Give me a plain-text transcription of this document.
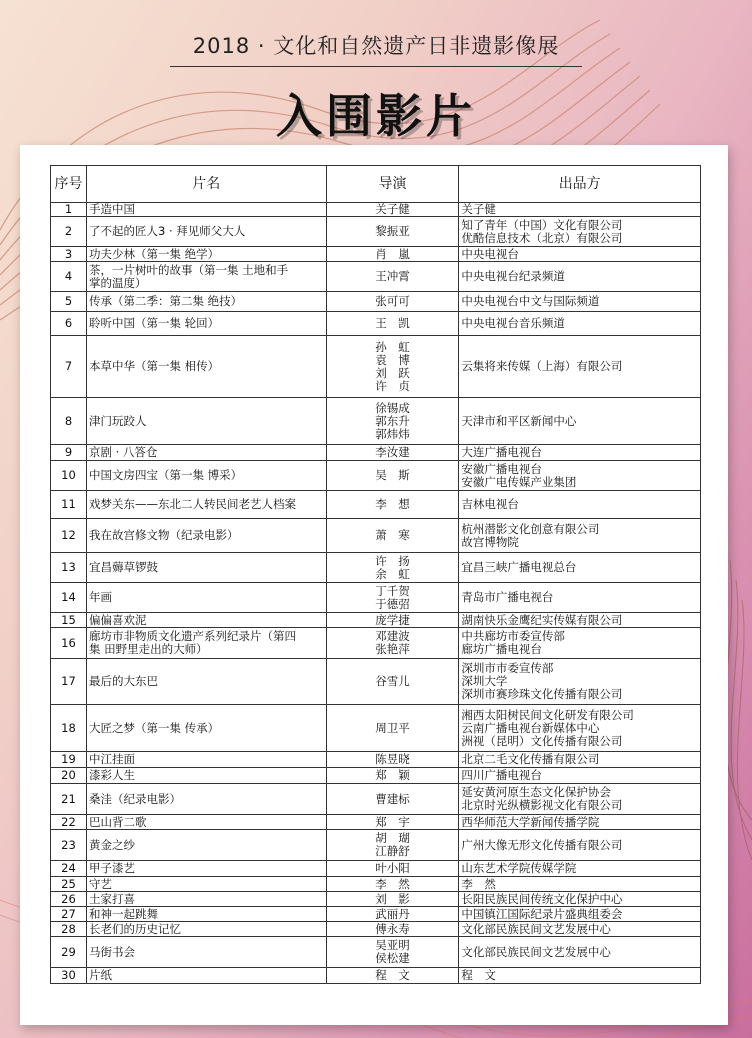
2018 · 文化和自然遗产日非遗影像展
入围影片
序号	片名	导演	出品方
1	手造中国	关子健	关子健
2	了不起的匠人3 · 拜见师父大人	黎振亚	知了青年（中国）文化有限公司
优酷信息技术（北京）有限公司
3	功夫少林（第一集 绝学）	肖　嵐	中央电视台
4	茶，一片树叶的故事（第一集 土地和手
掌的温度）	王冲霄	中央电视台纪录频道
5	传承（第二季：第二集 绝技）	张可可	中央电视台中文与国际频道
6	聆听中国（第一集 轮回）	王　凯	中央电视台音乐频道
7	本草中华（第一集 相传）	孙　虹
袁　博
刘　跃
许　贞	云集将来传媒（上海）有限公司
8	津门玩跤人	徐锡成
郭东升
郭炜炜	天津市和平区新闻中心
9	京剧 · 八答仓	李汝建	大连广播电视台
10	中国文房四宝（第一集 博采）	吴　斯	安徽广播电视台
安徽广电传媒产业集团
11	戏梦关东——东北二人转民间老艺人档案	李　想	吉林电视台
12	我在故宫修文物（纪录电影）	萧　寒	杭州潜影文化创意有限公司
故宫博物院
13	宜昌薅草锣鼓	许　扬
余　虹	宜昌三峡广播电视总台
14	年画	丁千贺
于德弨	青岛市广播电视台
15	偏偏喜欢泥	庞学捷	湖南快乐金鹰纪实传媒有限公司
16	廊坊市非物质文化遗产系列纪录片（第四
集 田野里走出的大师）	邓建波
张艳萍	中共廊坊市委宣传部
廊坊广播电视台
17	最后的大东巴	谷雪儿	深圳市市委宣传部
深圳大学
深圳市赛珍珠文化传播有限公司
18	大匠之梦（第一集 传承）	周卫平	湘西太阳树民间文化研发有限公司
云南广播电视台新媒体中心
洲视（昆明）文化传播有限公司
19	中江挂面	陈昱晓	北京二毛文化传播有限公司
20	漆彩人生	郑　颖	四川广播电视台
21	桑洼（纪录电影）	曹建标	延安黄河原生态文化保护协会
北京时光纵横影视文化有限公司
22	巴山背二歌	郑　宇	西华师范大学新闻传播学院
23	黄金之纱	胡　瑚
江静舒	广州大像无形文化传播有限公司
24	甲子漆艺	叶小阳	山东艺术学院传媒学院
25	守艺	李　然	李　然
26	土家打喜	刘　影	长阳民族民间传统文化保护中心
27	和神一起跳舞	武丽丹	中国镇江国际纪录片盛典组委会
28	长老们的历史记忆	傅永寿	文化部民族民间文艺发展中心
29	马街书会	吴亚明
侯松建	文化部民族民间文艺发展中心
30	片纸	程　文	程　文
